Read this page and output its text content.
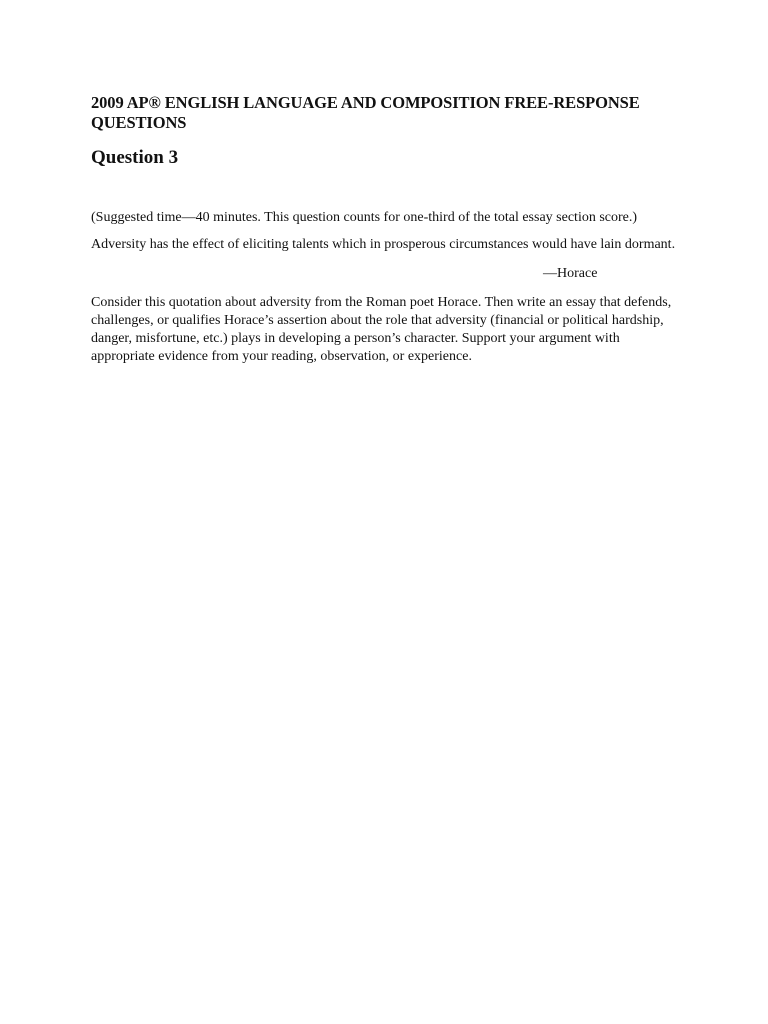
2009 AP® ENGLISH LANGUAGE AND COMPOSITION FREE-RESPONSE QUESTIONS
Question 3

(Suggested time—40 minutes. This question counts for one-third of the total essay section score.)

Adversity has the effect of eliciting talents which in prosperous circumstances would have lain dormant.

—Horace

Consider this quotation about adversity from the Roman poet Horace. Then write an essay that defends, challenges, or qualifies Horace’s assertion about the role that adversity (financial or political hardship, danger, misfortune, etc.) plays in developing a person’s character. Support your argument with appropriate evidence from your reading, observation, or experience.
